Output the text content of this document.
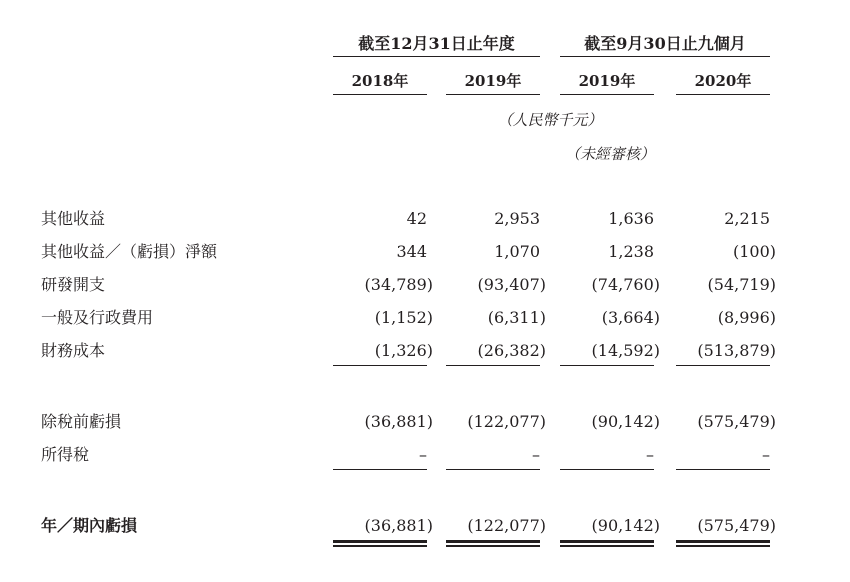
截至12月31日止年度	截至9月30日止九個月
2018年	2019年	2019年	2020年
（人民幣千元）
（未經審核）
其他收益	42	2,953	1,636	2,215
其他收益／（虧損）淨額	344	1,070	1,238	(100)
研發開支	(34,789)	(93,407)	(74,760)	(54,719)
一般及行政費用	(1,152)	(6,311)	(3,664)	(8,996)
財務成本	(1,326)	(26,382)	(14,592)	(513,879)
除稅前虧損	(36,881)	(122,077)	(90,142)	(575,479)
所得稅	–	–	–	–
年／期內虧損	(36,881)	(122,077)	(90,142)	(575,479)
